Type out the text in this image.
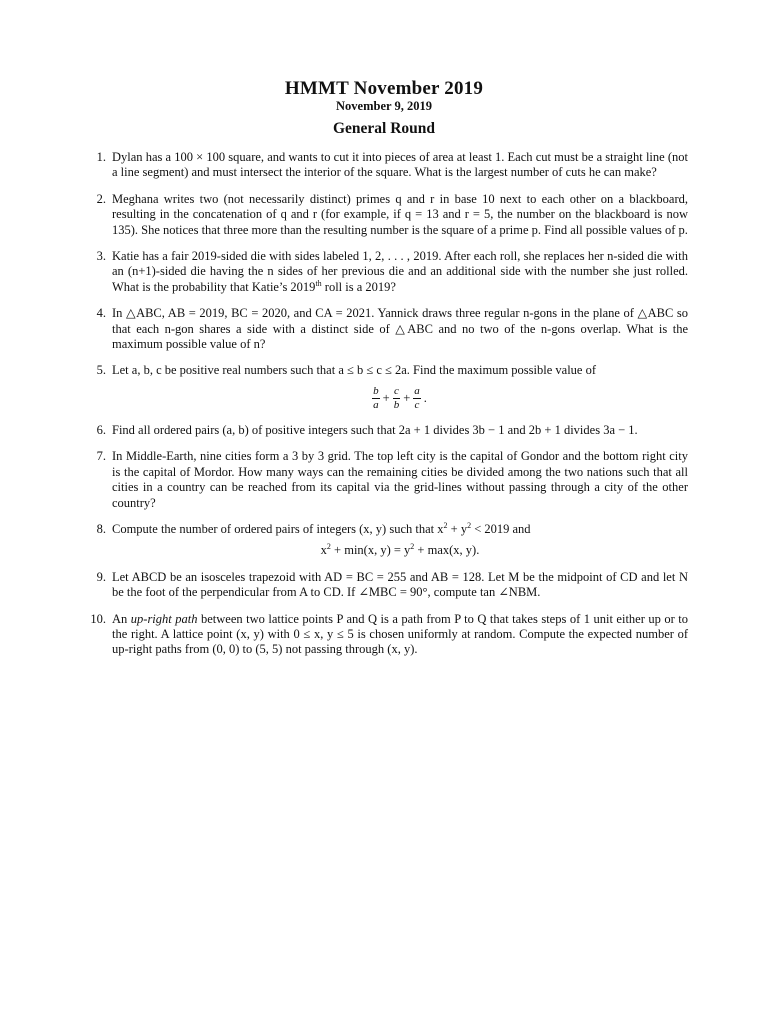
HMMT November 2019
November 9, 2019
General Round
1. Dylan has a 100 × 100 square, and wants to cut it into pieces of area at least 1. Each cut must be a straight line (not a line segment) and must intersect the interior of the square. What is the largest number of cuts he can make?
2. Meghana writes two (not necessarily distinct) primes q and r in base 10 next to each other on a blackboard, resulting in the concatenation of q and r (for example, if q = 13 and r = 5, the number on the blackboard is now 135). She notices that three more than the resulting number is the square of a prime p. Find all possible values of p.
3. Katie has a fair 2019-sided die with sides labeled 1, 2, . . . , 2019. After each roll, she replaces her n-sided die with an (n+1)-sided die having the n sides of her previous die and an additional side with the number she just rolled. What is the probability that Katie’s 2019th roll is a 2019?
4. In △ABC, AB = 2019, BC = 2020, and CA = 2021. Yannick draws three regular n-gons in the plane of △ABC so that each n-gon shares a side with a distinct side of △ABC and no two of the n-gons overlap. What is the maximum possible value of n?
5. Let a, b, c be positive real numbers such that a ≤ b ≤ c ≤ 2a. Find the maximum possible value of
$\frac{b}{a} + \frac{c}{b} + \frac{a}{c}$ .
6. Find all ordered pairs (a, b) of positive integers such that 2a + 1 divides 3b − 1 and 2b + 1 divides 3a − 1.
7. In Middle-Earth, nine cities form a 3 by 3 grid. The top left city is the capital of Gondor and the bottom right city is the capital of Mordor. How many ways can the remaining cities be divided among the two nations such that all cities in a country can be reached from its capital via the grid-lines without passing through a city of the other country?
8. Compute the number of ordered pairs of integers (x, y) such that $x^2 + y^2 < 2019$ and
$x^2 + \min(x$, $y) = y^2 + \max(x$, y).
9. Let ABCD be an isosceles trapezoid with AD = BC = 255 and AB = 128. Let M be the midpoint of CD and let N be the foot of the perpendicular from A to CD. If ∠MBC = 90°, compute tan ∠NBM.
10. An up-right path between two lattice points P and Q is a path from P to Q that takes steps of 1 unit either up or to the right. A lattice point (x, y) with 0 ≤ x, y ≤ 5 is chosen uniformly at random. Compute the expected number of up-right paths from (0, 0) to (5, 5) not passing through (x, y).
